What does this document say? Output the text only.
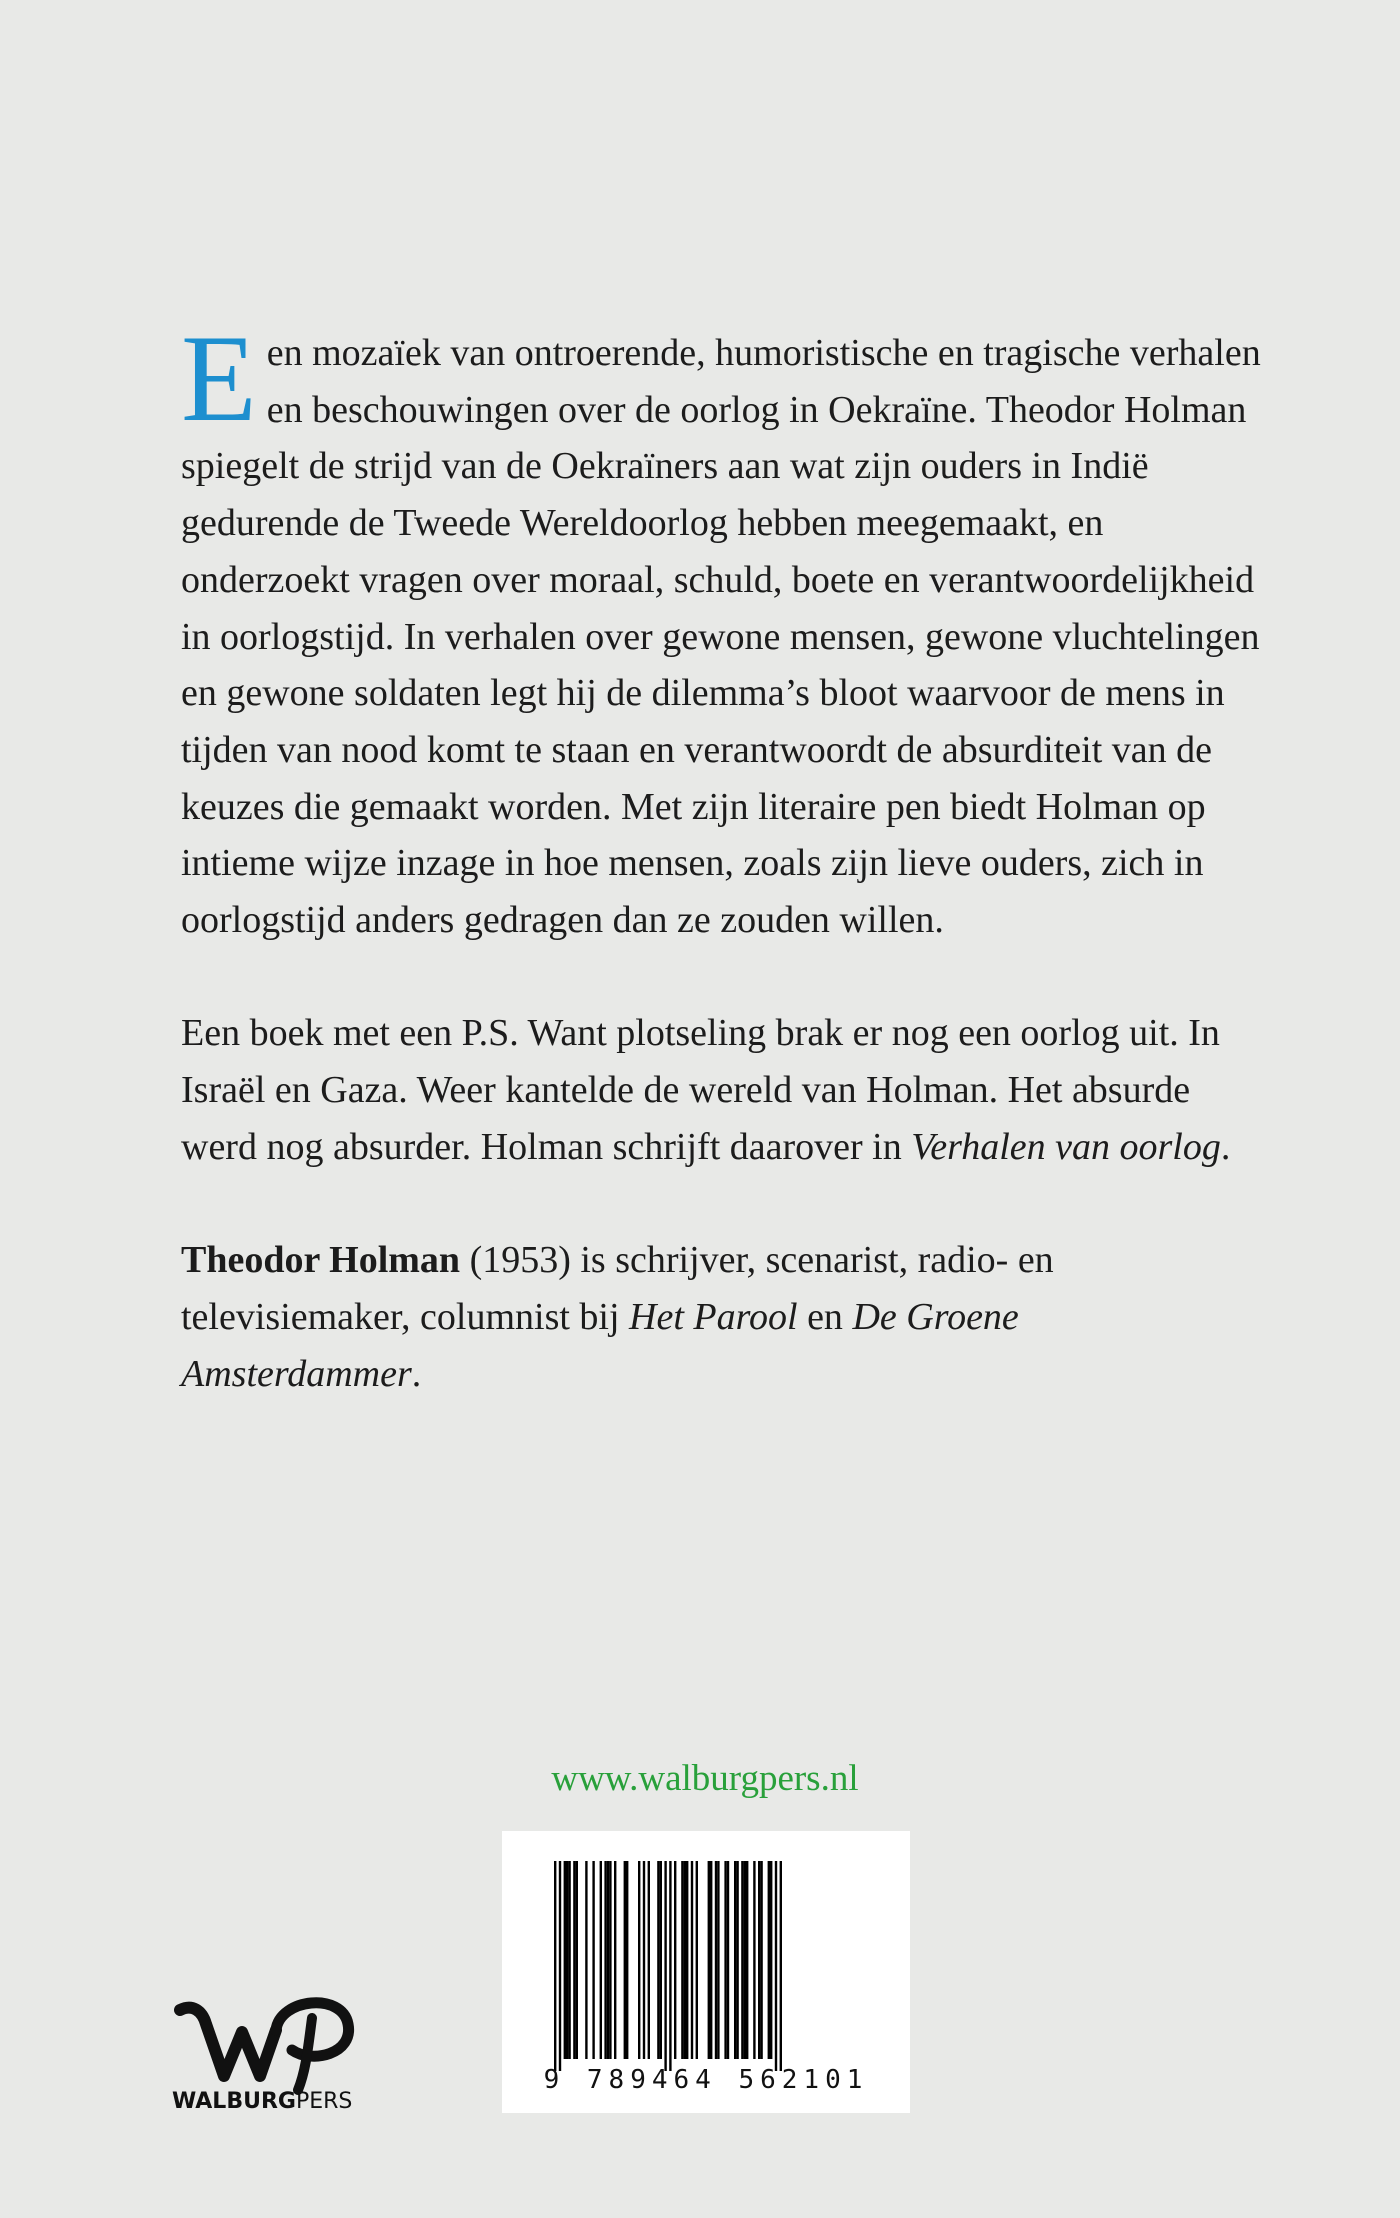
Een mozaïek van ontroerende, humoristische en tragische verhalen en beschouwingen over de oorlog in Oekraïne. Theodor Holman spiegelt de strijd van de Oekraïners aan wat zijn ouders in Indië gedurende de Tweede Wereldoorlog hebben meegemaakt, en onderzoekt vragen over moraal, schuld, boete en verantwoordelijkheid in oorlogstijd. In verhalen over gewone mensen, gewone vluchtelingen en gewone soldaten legt hij de dilemma’s bloot waarvoor de mens in tijden van nood komt te staan en verantwoordt de absurditeit van de keuzes die gemaakt worden. Met zijn literaire pen biedt Holman op intieme wijze inzage in hoe mensen, zoals zijn lieve ouders, zich in oorlogstijd anders gedragen dan ze zouden willen.

Een boek met een P.S. Want plotseling brak er nog een oorlog uit. In Israël en Gaza. Weer kantelde de wereld van Holman. Het absurde werd nog absurder. Holman schrijft daarover in Verhalen van oorlog.

Theodor Holman (1953) is schrijver, scenarist, radio- en televisiemaker, columnist bij Het Parool en De Groene Amsterdammer.

www.walburgpers.nl
9 789464 562101
WALBURGPERS
